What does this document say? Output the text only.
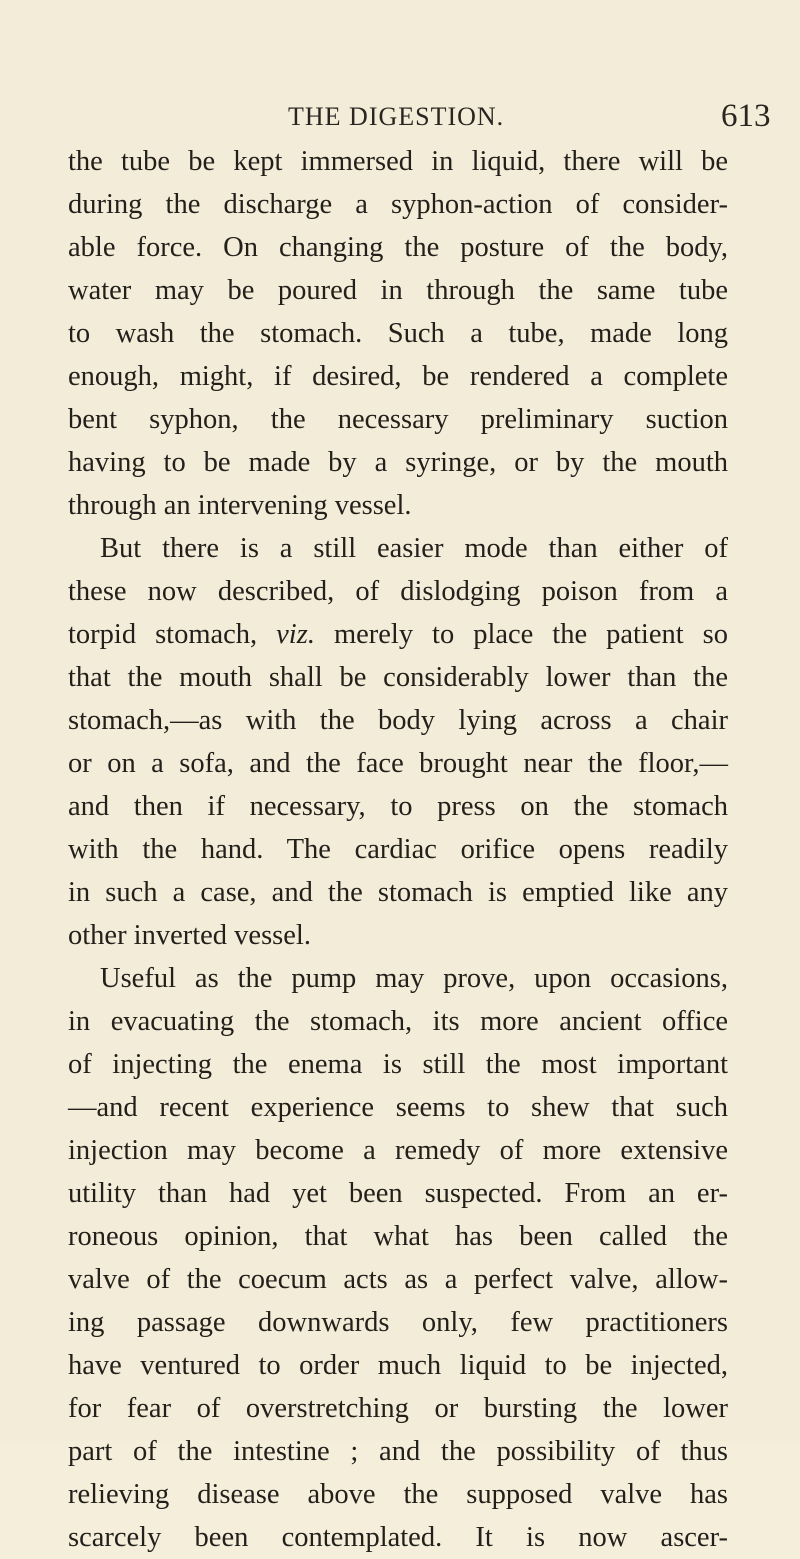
THE DIGESTION.	613
the tube be kept immersed in liquid, there will be
during the discharge a syphon-action of consider-
able force. On changing the posture of the body,
water may be poured in through the same tube
to wash the stomach. Such a tube, made long
enough, might, if desired, be rendered a complete
bent syphon, the necessary preliminary suction
having to be made by a syringe, or by the mouth
through an intervening vessel.
But there is a still easier mode than either of
these now described, of dislodging poison from a
torpid stomach, viz. merely to place the patient so
that the mouth shall be considerably lower than the
stomach,—as with the body lying across a chair
or on a sofa, and the face brought near the floor,—
and then if necessary, to press on the stomach
with the hand. The cardiac orifice opens readily
in such a case, and the stomach is emptied like any
other inverted vessel.
Useful as the pump may prove, upon occasions,
in evacuating the stomach, its more ancient office
of injecting the enema is still the most important
—and recent experience seems to shew that such
injection may become a remedy of more extensive
utility than had yet been suspected. From an er-
roneous opinion, that what has been called the
valve of the coecum acts as a perfect valve, allow-
ing passage downwards only, few practitioners
have ventured to order much liquid to be injected,
for fear of overstretching or bursting the lower
part of the intestine ; and the possibility of thus
relieving disease above the supposed valve has
scarcely been contemplated. It is now ascer-
